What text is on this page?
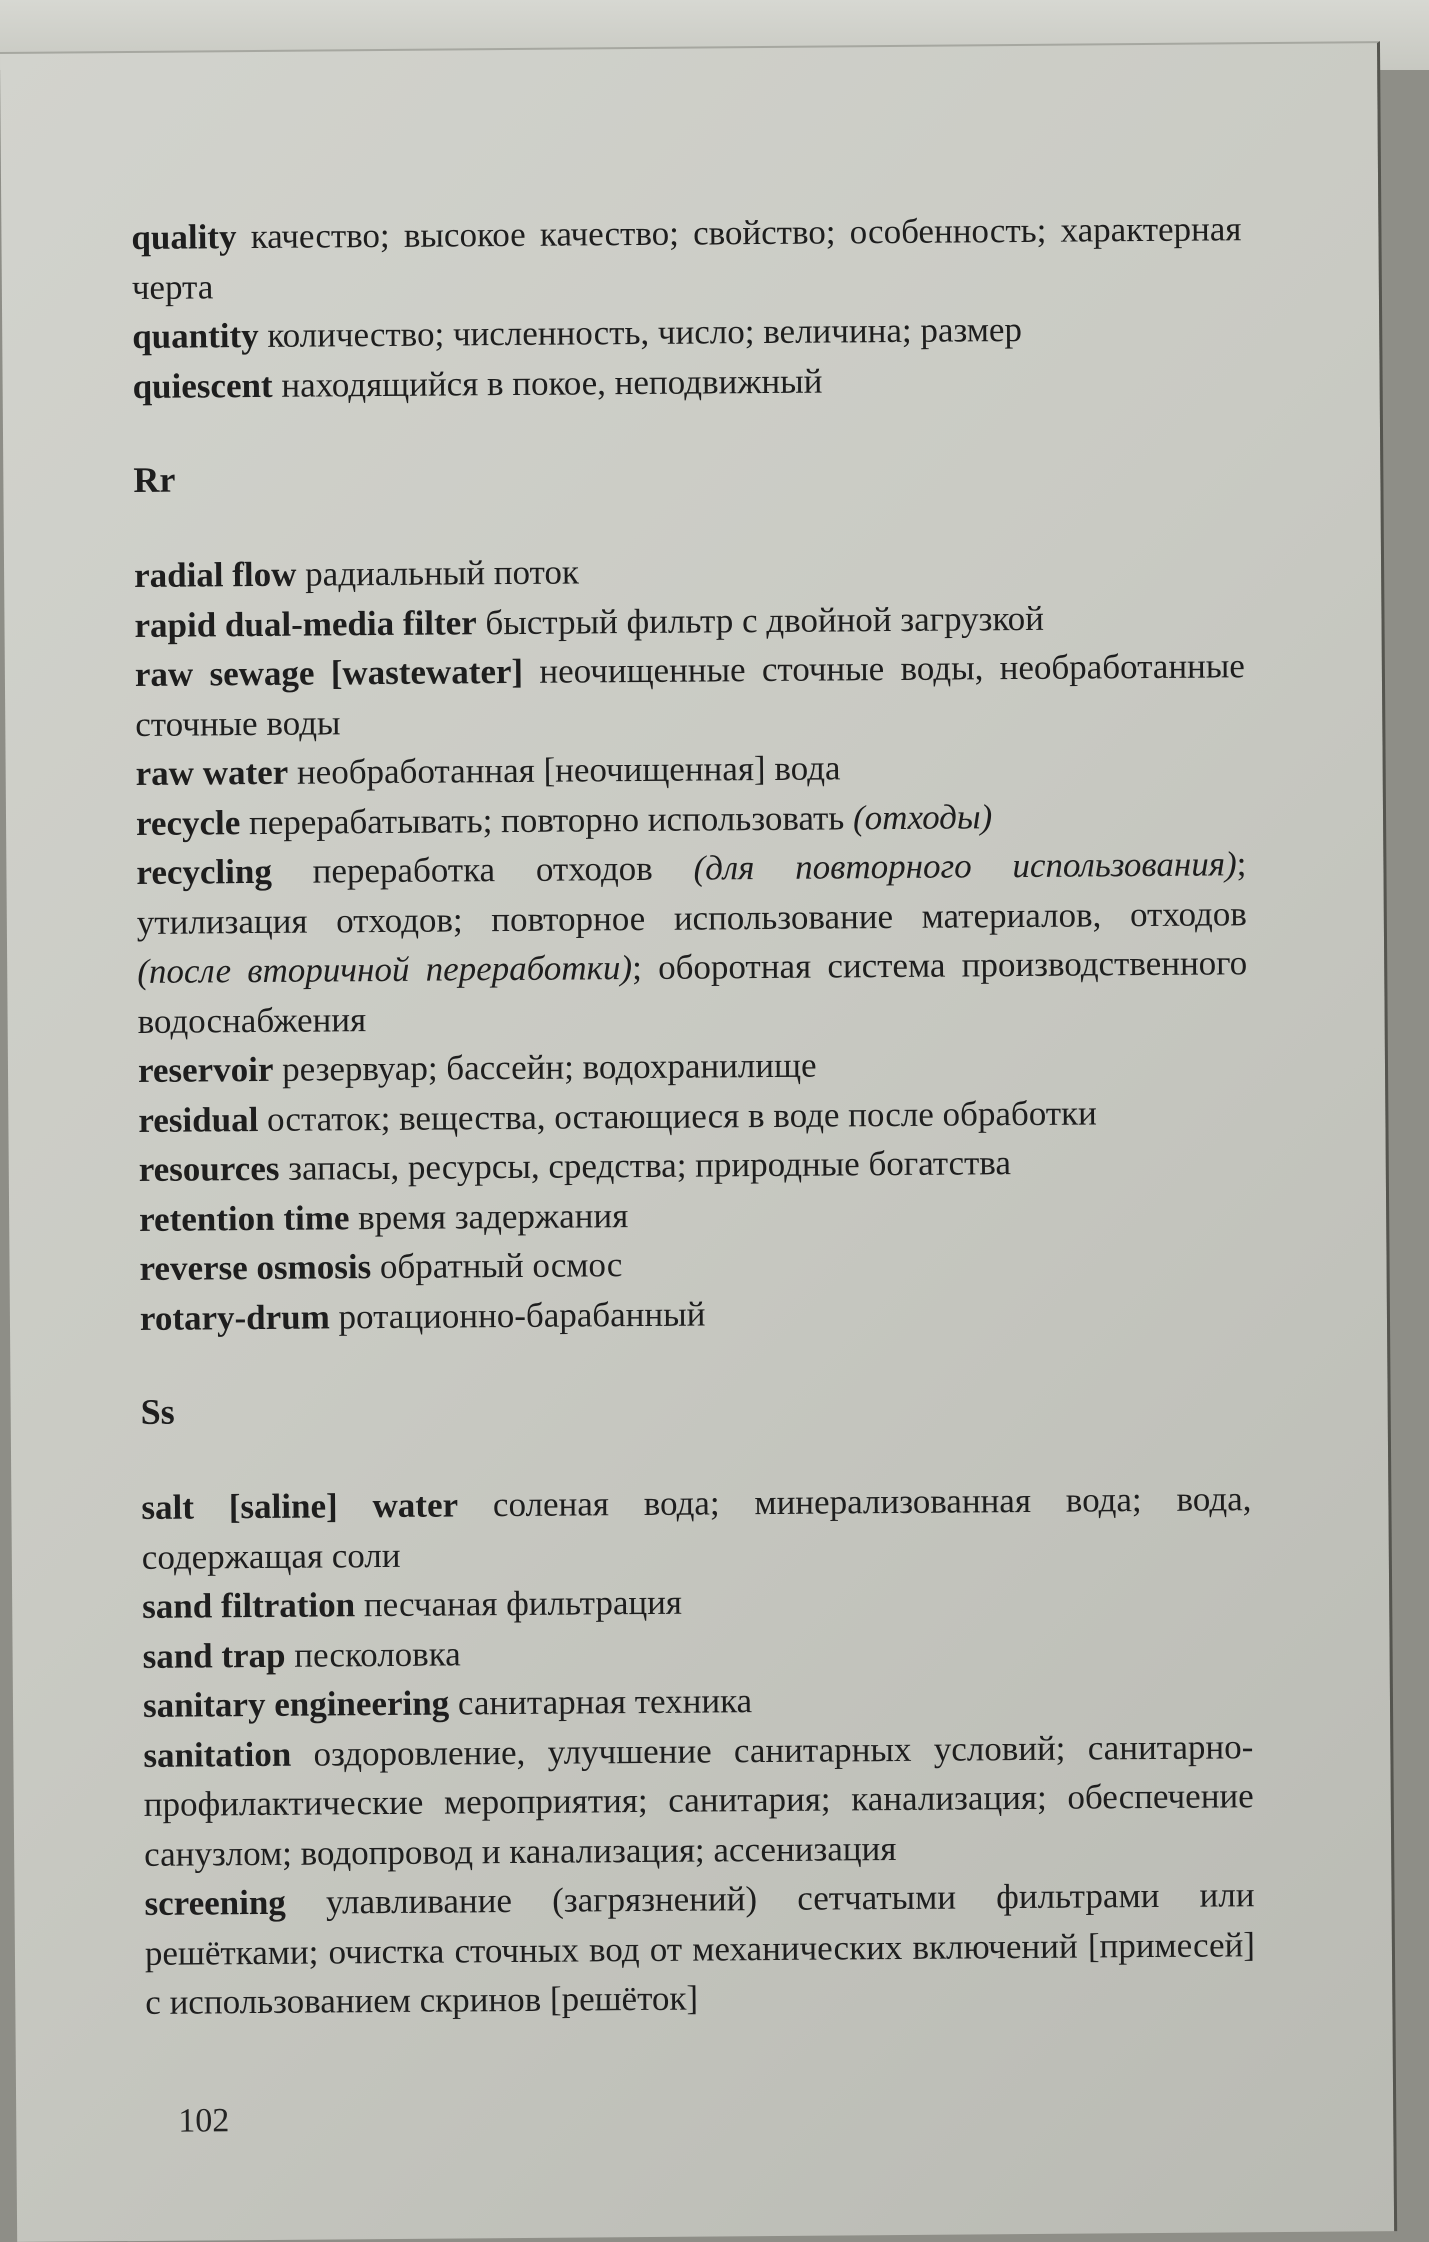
quality качество; высокое качество; свойство; особенность; характерная черта

quantity количество; численность, число; величина; размер

quiescent находящийся в покое, неподвижный

Rr

radial flow радиальный поток

rapid dual-media filter быстрый фильтр с двойной загрузкой

raw sewage [wastewater] неочищенные сточные воды, необработанные сточные воды

raw water необработанная [неочищенная] вода

recycle перерабатывать; повторно использовать (отходы)

recycling переработка отходов (для повторного использования); утилизация отходов; повторное использование материалов, отходов (после вторичной переработки); оборотная система производственного водоснабжения

reservoir резервуар; бассейн; водохранилище

residual остаток; вещества, остающиеся в воде после обработки

resources запасы, ресурсы, средства; природные богатства

retention time время задержания

reverse osmosis обратный осмос

rotary-drum ротационно-барабанный

Ss

salt [saline] water соленая вода; минерализованная вода; вода, содержащая соли

sand filtration песчаная фильтрация

sand trap песколовка

sanitary engineering санитарная техника

sanitation оздоровление, улучшение санитарных условий; санитарно-профилактические мероприятия; санитария; канализация; обеспечение санузлом; водопровод и канализация; ассенизация

screening улавливание (загрязнений) сетчатыми фильтрами или решётками; очистка сточных вод от механических включений [примесей] с использованием скринов [решёток]

102
